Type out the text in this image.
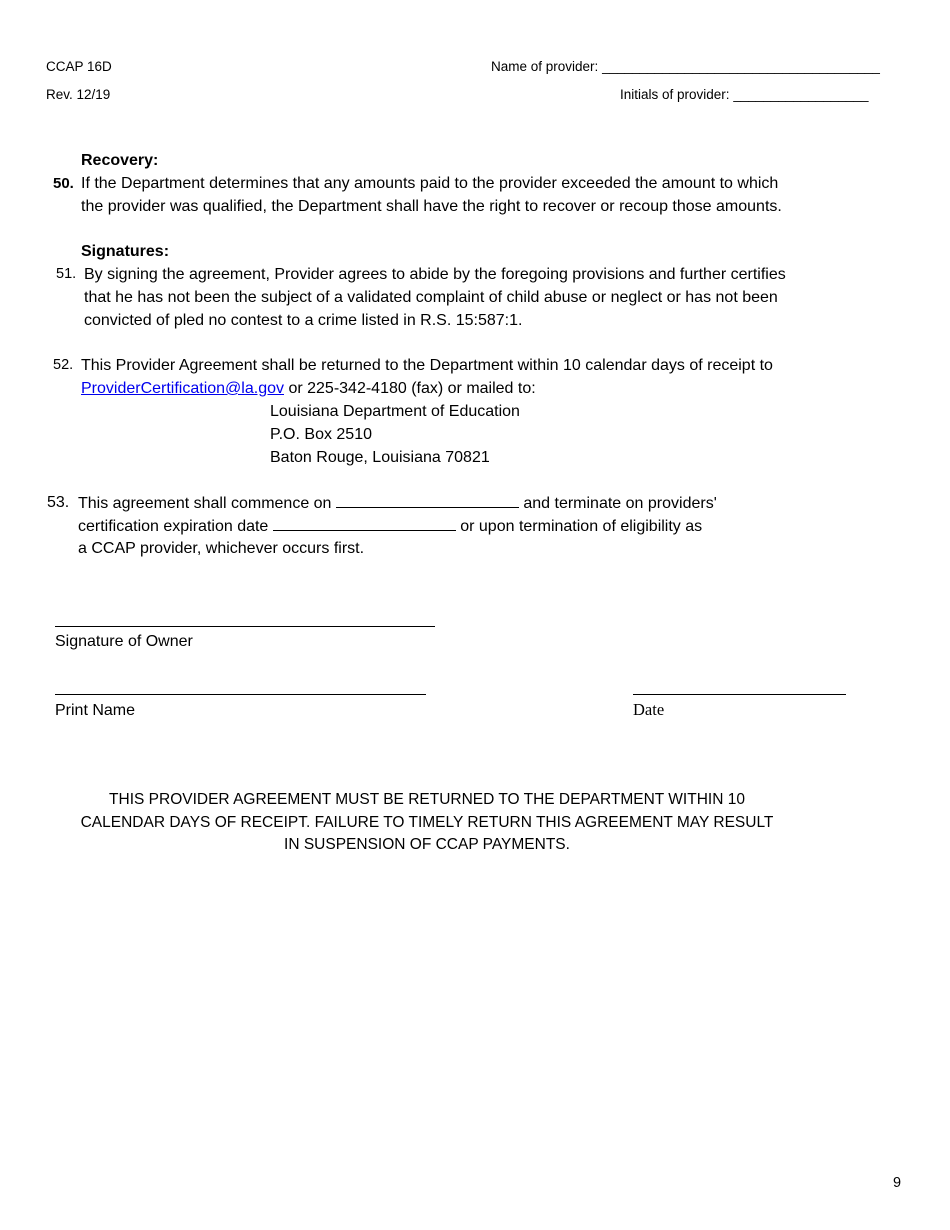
CCAP 16D
Rev. 12/19
Name of provider: _____________________________________
Initials of provider: __________________
Recovery:
50. If the Department determines that any amounts paid to the provider exceeded the amount to which
the provider was qualified, the Department shall have the right to recover or recoup those amounts.
Signatures:
51. By signing the agreement, Provider agrees to abide by the foregoing provisions and further certifies
that he has not been the subject of a validated complaint of child abuse or neglect or has not been
convicted of pled no contest to a crime listed in R.S. 15:587:1.
52. This Provider Agreement shall be returned to the Department within 10 calendar days of receipt to
ProviderCertification@la.gov or 225-342-4180 (fax) or mailed to:
Louisiana Department of Education
P.O. Box 2510
Baton Rouge, Louisiana 70821
53. This agreement shall commence on	and terminate on providers'
certification expiration date	or upon termination of eligibility as
a CCAP provider, whichever occurs first.
Signature of Owner
Print Name	Date
THIS PROVIDER AGREEMENT MUST BE RETURNED TO THE DEPARTMENT WITHIN 10 CALENDAR DAYS OF RECEIPT. FAILURE TO TIMELY RETURN THIS AGREEMENT MAY RESULT IN SUSPENSION OF CCAP PAYMENTS.
9
